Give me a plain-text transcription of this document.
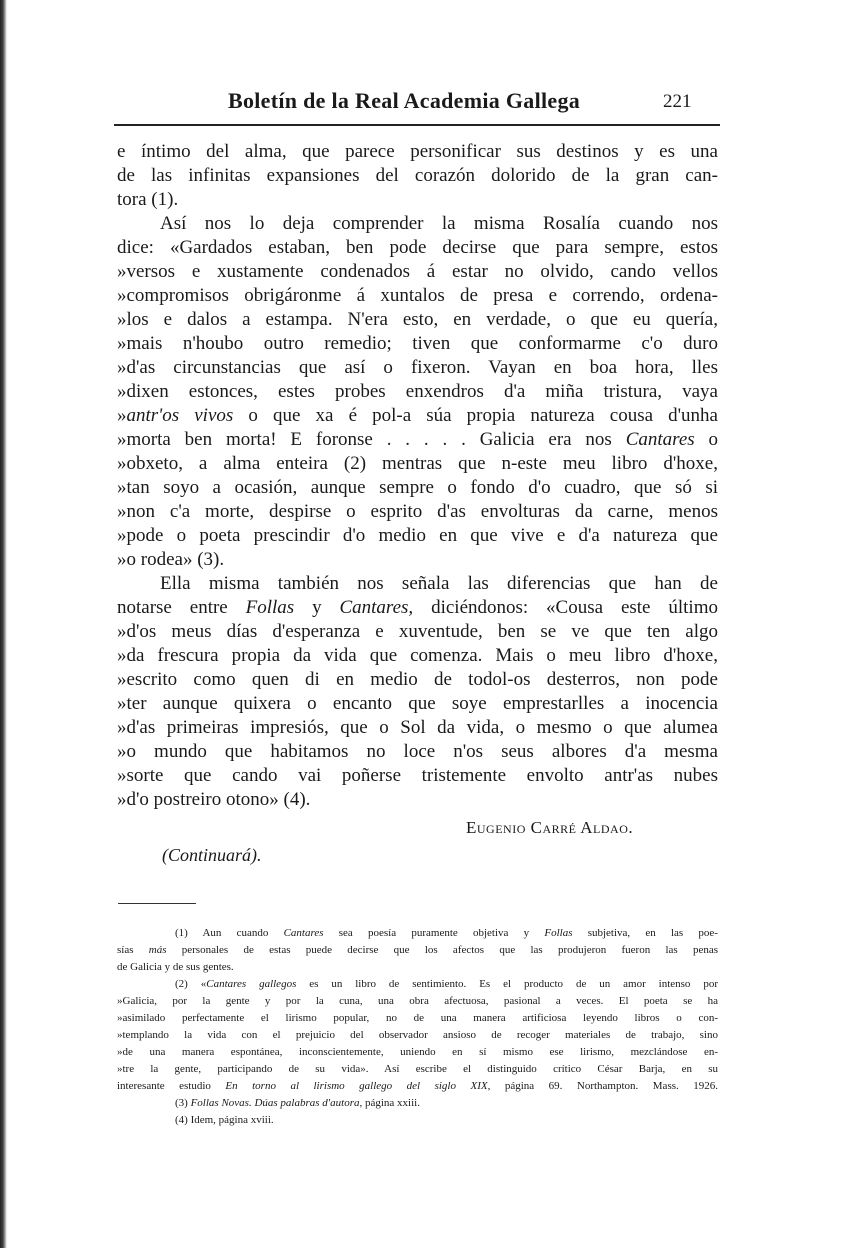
Boletín de la Real Academia Gallega	221
e íntimo del alma, que parece personificar sus destinos y es una
de las infinitas expansiones del corazón dolorido de la gran can-
tora (1).
Así nos lo deja comprender la misma Rosalía cuando nos
dice: «Gardados estaban, ben pode decirse que para sempre, estos
»versos e xustamente condenados á estar no olvido, cando vellos
»compromisos obrigáronme á xuntalos de presa e correndo, ordena-
»los e dalos a estampa. N'era esto, en verdade, o que eu quería,
»mais n'houbo outro remedio; tiven que conformarme c'o duro
»d'as circunstancias que así o fixeron. Vayan en boa hora, lles
»dixen estonces, estes probes enxendros d'a miña tristura, vaya
»antr'os vivos o que xa é pol-a súa propia natureza cousa d'unha
»morta ben morta! E foronse . . . . . Galicia era nos Cantares o
»obxeto, a alma enteira (2) mentras que n-este meu libro d'hoxe,
»tan soyo a ocasión, aunque sempre o fondo d'o cuadro, que só si
»non c'a morte, despirse o esprito d'as envolturas da carne, menos
»pode o poeta prescindir d'o medio en que vive e d'a natureza que
»o rodea» (3).
Ella misma también nos señala las diferencias que han de
notarse entre Follas y Cantares, diciéndonos: «Cousa este último
»d'os meus días d'esperanza e xuventude, ben se ve que ten algo
»da frescura propia da vida que comenza. Mais o meu libro d'hoxe,
»escrito como quen di en medio de todol-os desterros, non pode
»ter aunque quixera o encanto que soye emprestarlles a inocencia
»d'as primeiras impresiós, que o Sol da vida, o mesmo o que alumea
»o mundo que habitamos no loce n'os seus albores d'a mesma
»sorte que cando vai poñerse tristemente envolto antr'as nubes
»d'o postreiro otono» (4).
Eugenio Carré Aldao.
(Continuará).
(1) Aun cuando Cantares sea poesía puramente objetiva y Follas subjetiva, en las poe-
sías más personales de estas puede decirse que los afectos que las produjeron fueron las penas
de Galicia y de sus gentes.
(2) «Cantares gallegos es un libro de sentimiento. Es el producto de un amor intenso por
»Galicia, por la gente y por la cuna, una obra afectuosa, pasional a veces. El poeta se ha
»asimilado perfectamente el lirismo popular, no de una manera artificiosa leyendo libros o con-
»templando la vida con el prejuicio del observador ansioso de recoger materiales de trabajo, sino
»de una manera espontánea, inconscientemente, uniendo en sí mismo ese lirismo, mezclándose en-
»tre la gente, participando de su vida». Así escribe el distinguido crítico César Barja, en su
interesante estudio En torno al lirismo gallego del siglo XIX, página 69. Northampton. Mass. 1926.
(3) Follas Novas. Dúas palabras d'autora, página xxiii.
(4) Idem, página xviii.
